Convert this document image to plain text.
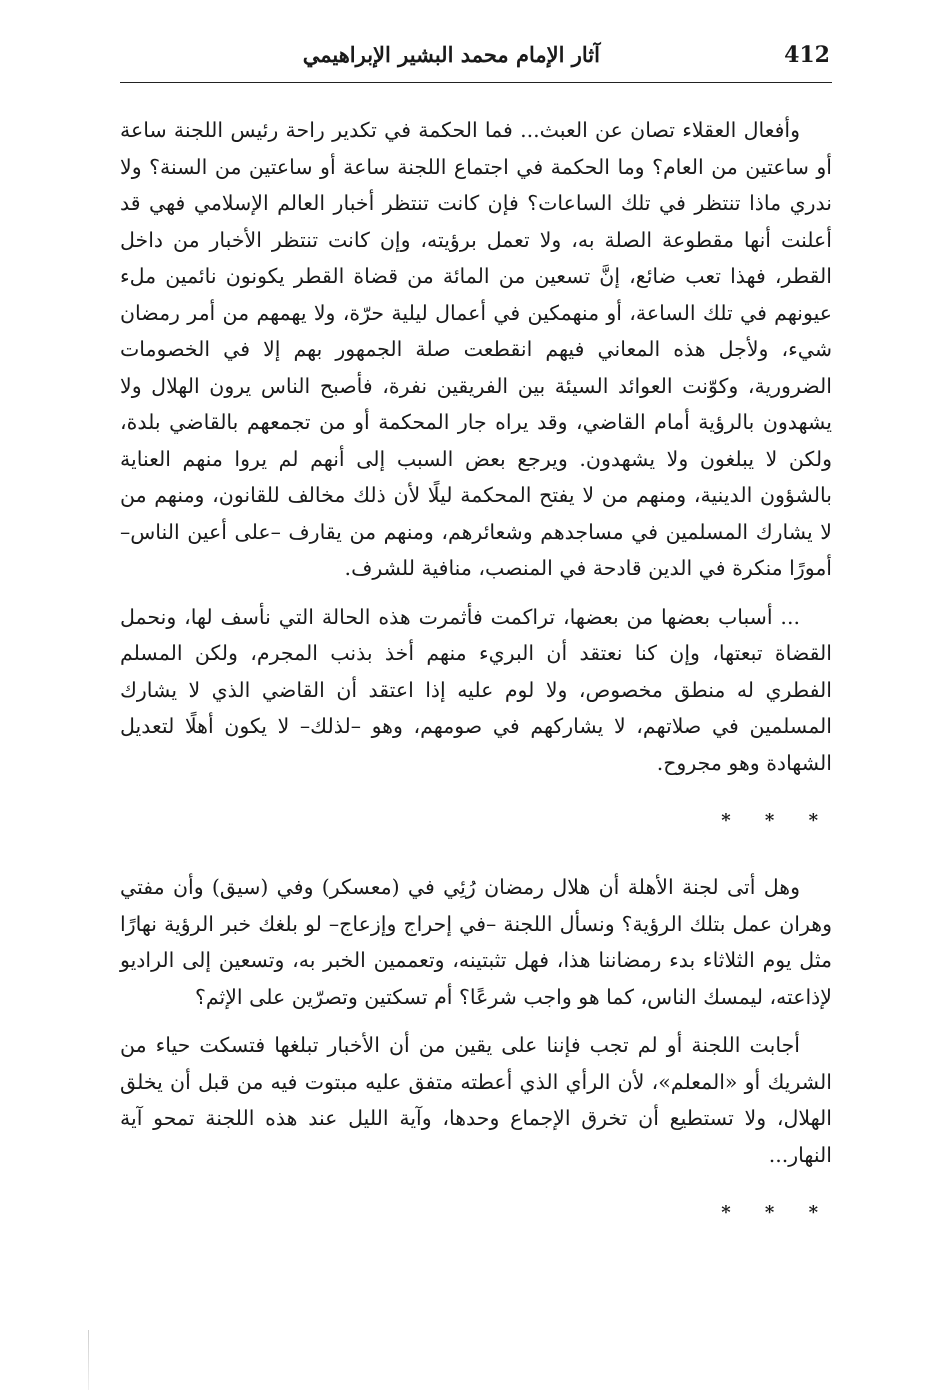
412
آثار الإمام محمد البشير الإبراهيمي

وأفعال العقلاء تصان عن العبث... فما الحكمة في تكدير راحة رئيس اللجنة ساعة أو ساعتين من العام؟ وما الحكمة في اجتماع اللجنة ساعة أو ساعتين من السنة؟ ولا ندري ماذا تنتظر في تلك الساعات؟ فإن كانت تنتظر أخبار العالم الإسلامي فهي قد أعلنت أنها مقطوعة الصلة به، ولا تعمل برؤيته، وإن كانت تنتظر الأخبار من داخل القطر، فهذا تعب ضائع، إنَّ تسعين من المائة من قضاة القطر يكونون نائمين ملء عيونهم في تلك الساعة، أو منهمكين في أعمال ليلية حرّة، ولا يهمهم من أمر رمضان شيء، ولأجل هذه المعاني فيهم انقطعت صلة الجمهور بهم إلا في الخصومات الضرورية، وكوّنت العوائد السيئة بين الفريقين نفرة، فأصبح الناس يرون الهلال ولا يشهدون بالرؤية أمام القاضي، وقد يراه جار المحكمة أو من تجمعهم بالقاضي بلدة، ولكن لا يبلغون ولا يشهدون. ويرجع بعض السبب إلى أنهم لم يروا منهم العناية بالشؤون الدينية، ومنهم من لا يفتح المحكمة ليلًا لأن ذلك مخالف للقانون، ومنهم من لا يشارك المسلمين في مساجدهم وشعائرهم، ومنهم من يقارف –على أعين الناس– أمورًا منكرة في الدين قادحة في المنصب، منافية للشرف.

... أسباب بعضها من بعضها، تراكمت فأثمرت هذه الحالة التي نأسف لها، ونحمل القضاة تبعتها، وإن كنا نعتقد أن البريء منهم أخذ بذنب المجرم، ولكن المسلم الفطري له منطق مخصوص، ولا لوم عليه إذا اعتقد أن القاضي الذي لا يشارك المسلمين في صلاتهم، لا يشاركهم في صومهم، وهو –لذلك– لا يكون أهلًا لتعديل الشهادة وهو مجروح.

* * *

وهل أتى لجنة الأهلة أن هلال رمضان رُئِي في (معسكر) وفي (سيق) وأن مفتي وهران عمل بتلك الرؤية؟ ونسأل اللجنة –في إحراج وإزعاج– لو بلغك خبر الرؤية نهارًا مثل يوم الثلاثاء بدء رمضاننا هذا، فهل تثبتينه، وتعممين الخبر به، وتسعين إلى الراديو لإذاعته، ليمسك الناس، كما هو واجب شرعًا؟ أم تسكتين وتصرّين على الإثم؟

أجابت اللجنة أو لم تجب فإننا على يقين من أن الأخبار تبلغها فتسكت حياء من الشريك أو «المعلم»، لأن الرأي الذي أعطته متفق عليه مبتوت فيه من قبل أن يخلق الهلال، ولا تستطيع أن تخرق الإجماع وحدها، وآية الليل عند هذه اللجنة تمحو آية النهار...

* * *
